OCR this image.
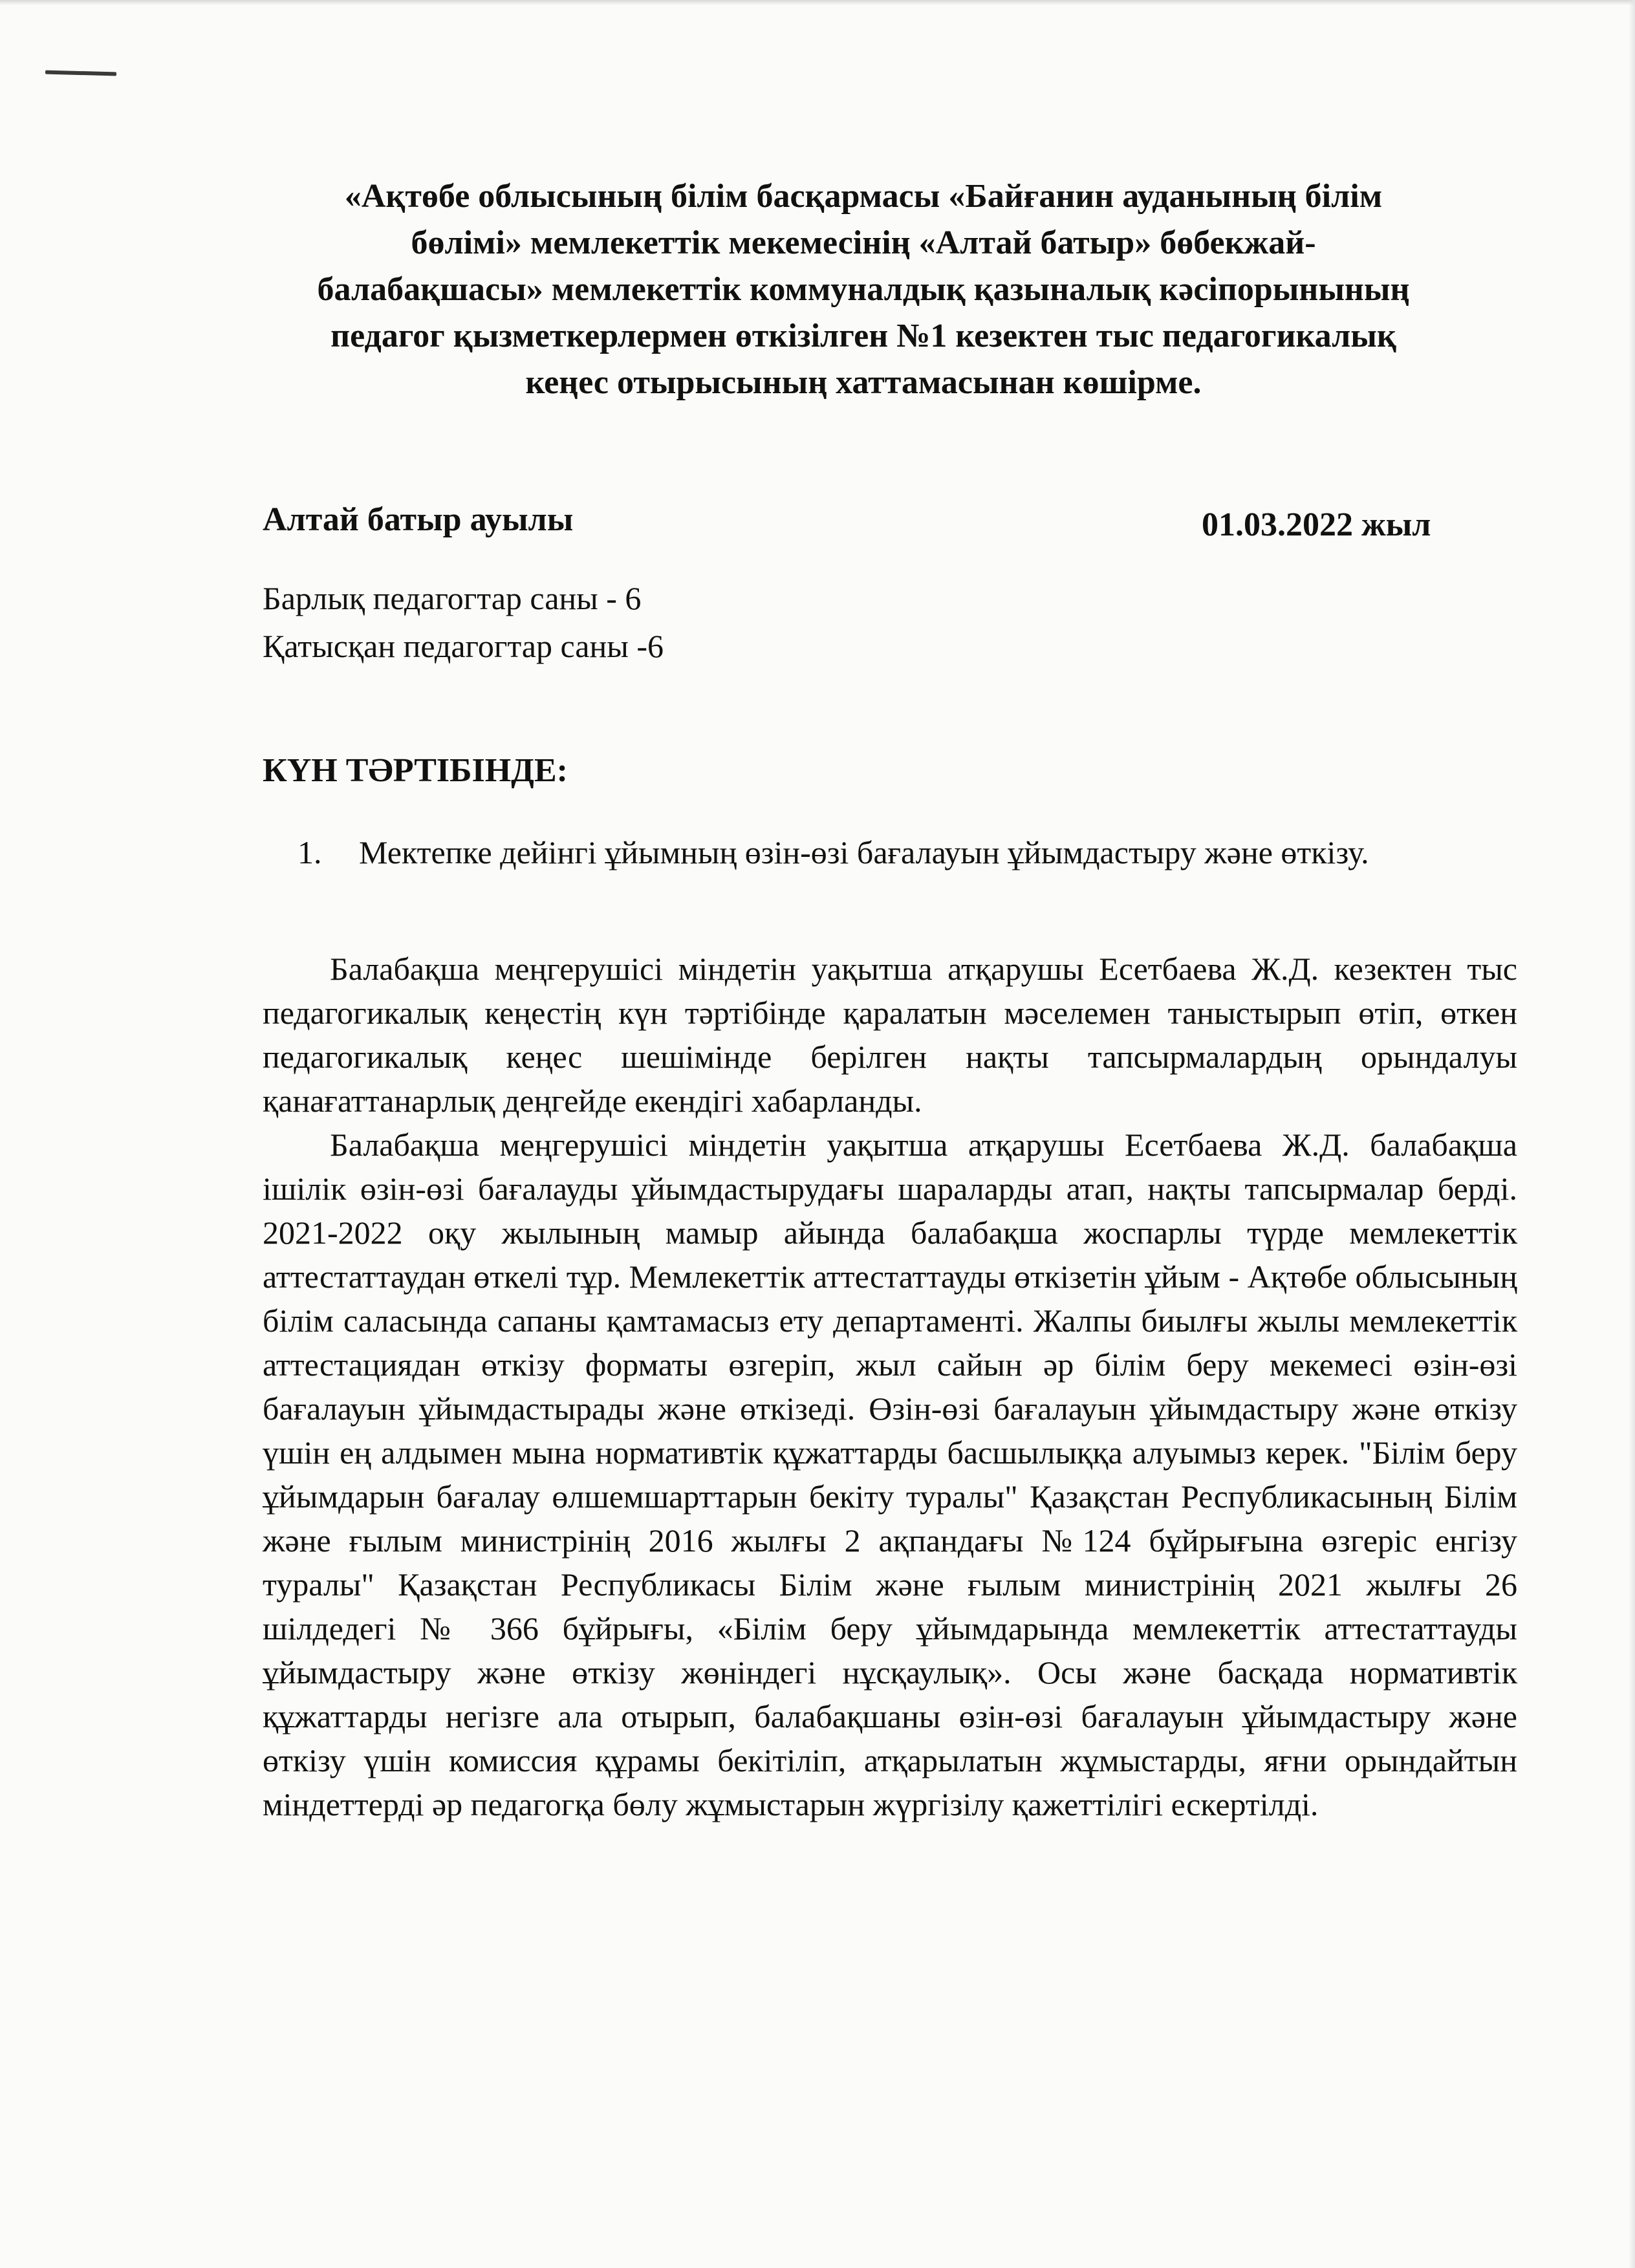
«Ақтөбе облысының білім басқармасы «Байғанин ауданының білім
бөлімі» мемлекеттік мекемесінің «Алтай батыр» бөбекжай-
балабақшасы» мемлекеттік коммуналдық қазыналық кәсіпорынының
педагог қызметкерлермен өткізілген №1 кезектен тыс педагогикалық
кеңес отырысының хаттамасынан көшірме.

Алтай батыр ауылы	01.03.2022 жыл

Барлық педагогтар саны - 6
Қатысқан педагогтар саны -6
КҮН ТӘРТІБІНДЕ:
1.	Мектепке дейінгі ұйымның өзін-өзі бағалауын ұйымдастыру және өткізу.

Балабақша меңгерушісі міндетін уақытша атқарушы Есетбаева Ж.Д. кезектен тыс педагогикалық кеңестің күн тәртібінде қаралатын мәселемен таныстырып өтіп, өткен педагогикалық кеңес шешімінде берілген нақты тапсырмалардың орындалуы қанағаттанарлық деңгейде екендігі хабарланды.

Балабақша меңгерушісі міндетін уақытша атқарушы Есетбаева Ж.Д. балабақша ішілік өзін-өзі бағалауды ұйымдастырудағы шараларды атап, нақты тапсырмалар берді. 2021-2022 оқу жылының мамыр айында балабақша жоспарлы түрде мемлекеттік аттестаттаудан өткелі тұр. Мемлекеттік аттестаттауды өткізетін ұйым - Ақтөбе облысының білім саласында сапаны қамтамасыз ету департаменті. Жалпы биылғы жылы мемлекеттік аттестациядан өткізу форматы өзгеріп, жыл сайын әр білім беру мекемесі өзін-өзі бағалауын ұйымдастырады және өткізеді. Өзін-өзі бағалауын ұйымдастыру және өткізу үшін ең алдымен мына нормативтік құжаттарды басшылыққа алуымыз керек. "Білім беру ұйымдарын бағалау өлшемшарттарын бекіту туралы" Қазақстан Республикасының Білім және ғылым министрінің 2016 жылғы 2 ақпандағы №124 бұйрығына өзгеріс енгізу туралы" Қазақстан Республикасы Білім және ғылым министрінің 2021 жылғы 26 шілдедегі № 366 бұйрығы, «Білім беру ұйымдарында мемлекеттік аттестаттауды ұйымдастыру және өткізу жөніндегі нұсқаулық». Осы және басқада нормативтік құжаттарды негізге ала отырып, балабақшаны өзін-өзі бағалауын ұйымдастыру және өткізу үшін комиссия құрамы бекітіліп, атқарылатын жұмыстарды, яғни орындайтын міндеттерді әр педагогқа бөлу жұмыстарын жүргізілу қажеттілігі ескертілді.
